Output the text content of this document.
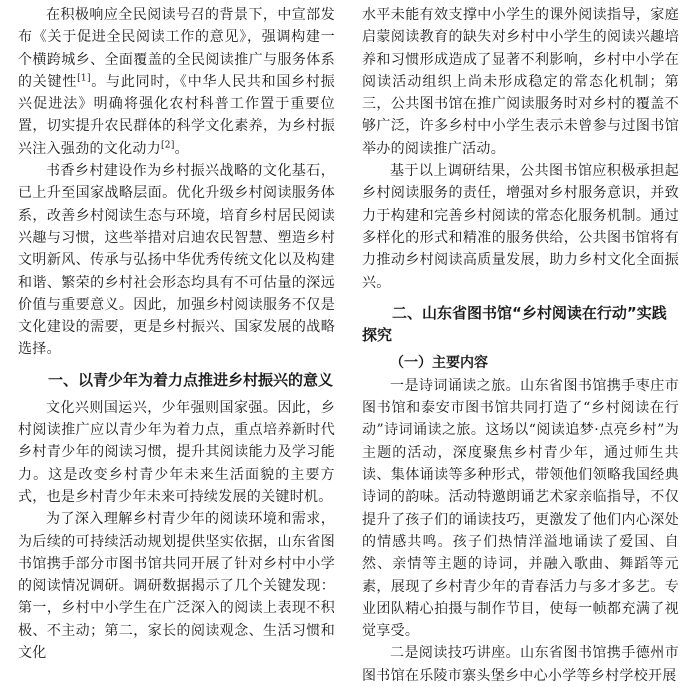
在积极响应全民阅读号召的背景下，中宣部发布《关于促进全民阅读工作的意见》，强调构建一个横跨城乡、全面覆盖的全民阅读推广与服务体系的关键性[1]。与此同时，《中华人民共和国乡村振兴促进法》明确将强化农村科普工作置于重要位置，切实提升农民群体的科学文化素养，为乡村振兴注入强劲的文化动力[2]。

书香乡村建设作为乡村振兴战略的文化基石，已上升至国家战略层面。优化升级乡村阅读服务体系，改善乡村阅读生态与环境，培育乡村居民阅读兴趣与习惯，这些举措对启迪农民智慧、塑造乡村文明新风、传承与弘扬中华优秀传统文化以及构建和谐、繁荣的乡村社会形态均具有不可估量的深远价值与重要意义。因此，加强乡村阅读服务不仅是文化建设的需要，更是乡村振兴、国家发展的战略选择。

一、以青少年为着力点推进乡村振兴的意义

文化兴则国运兴，少年强则国家强。因此，乡村阅读推广应以青少年为着力点，重点培养新时代乡村青少年的阅读习惯，提升其阅读能力及学习能力。这是改变乡村青少年未来生活面貌的主要方式，也是乡村青少年未来可持续发展的关键时机。

为了深入理解乡村青少年的阅读环境和需求，为后续的可持续活动规划提供坚实依据，山东省图书馆携手部分市图书馆共同开展了针对乡村中小学的阅读情况调研。调研数据揭示了几个关键发现：第一，乡村中小学生在广泛深入的阅读上表现不积极、不主动；第二，家长的阅读观念、生活习惯和文化

水平未能有效支撑中小学生的课外阅读指导，家庭启蒙阅读教育的缺失对乡村中小学生的阅读兴趣培养和习惯形成造成了显著不利影响，乡村中小学在阅读活动组织上尚未形成稳定的常态化机制；第三，公共图书馆在推广阅读服务时对乡村的覆盖不够广泛，许多乡村中小学生表示未曾参与过图书馆举办的阅读推广活动。

基于以上调研结果，公共图书馆应积极承担起乡村阅读服务的责任，增强对乡村服务意识，并致力于构建和完善乡村阅读的常态化服务机制。通过多样化的形式和精准的服务供给，公共图书馆将有力推动乡村阅读高质量发展，助力乡村文化全面振兴。

二、山东省图书馆“乡村阅读在行动”实践探究
（一）主要内容

一是诗词诵读之旅。山东省图书馆携手枣庄市图书馆和泰安市图书馆共同打造了“乡村阅读在行动”诗词诵读之旅。这场以“阅读追梦·点亮乡村”为主题的活动，深度聚焦乡村青少年，通过师生共读、集体诵读等多种形式，带领他们领略我国经典诗词的韵味。活动特邀朗诵艺术家亲临指导，不仅提升了孩子们的诵读技巧，更激发了他们内心深处的情感共鸣。孩子们热情洋溢地诵读了爱国、自然、亲情等主题的诗词，并融入歌曲、舞蹈等元素，展现了乡村青少年的青春活力与多才多艺。专业团队精心拍摄与制作节目，使每一帧都充满了视觉享受。

二是阅读技巧讲座。山东省图书馆携手德州市图书馆在乐陵市寨头堡乡中心小学等乡村学校开展
